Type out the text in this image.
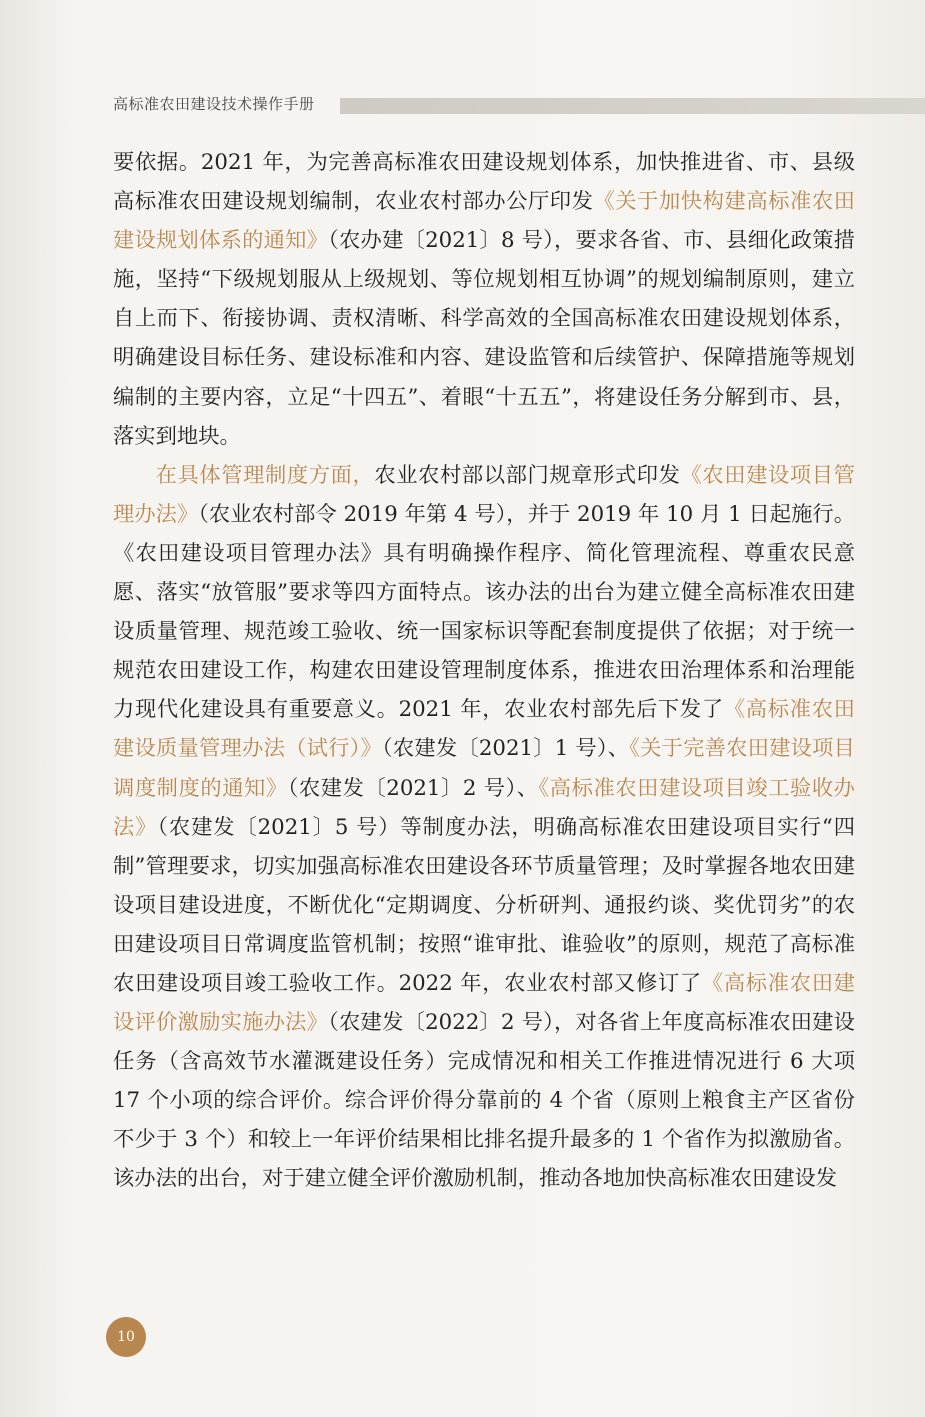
高标准农田建设技术操作手册

要依据。2021 年，为完善高标准农田建设规划体系，加快推进省、市、县级高标准农田建设规划编制，农业农村部办公厅印发《关于加快构建高标准农田建设规划体系的通知》（农办建〔2021〕8 号），要求各省、市、县细化政策措施，坚持“下级规划服从上级规划、等位规划相互协调”的规划编制原则，建立自上而下、衔接协调、责权清晰、科学高效的全国高标准农田建设规划体系，明确建设目标任务、建设标准和内容、建设监管和后续管护、保障措施等规划编制的主要内容，立足“十四五”、着眼“十五五”，将建设任务分解到市、县，落实到地块。

在具体管理制度方面，农业农村部以部门规章形式印发《农田建设项目管理办法》（农业农村部令 2019 年第 4 号），并于 2019 年 10 月 1 日起施行。《农田建设项目管理办法》具有明确操作程序、简化管理流程、尊重农民意愿、落实“放管服”要求等四方面特点。该办法的出台为建立健全高标准农田建设质量管理、规范竣工验收、统一国家标识等配套制度提供了依据；对于统一规范农田建设工作，构建农田建设管理制度体系，推进农田治理体系和治理能力现代化建设具有重要意义。2021 年，农业农村部先后下发了《高标准农田建设质量管理办法（试行）》（农建发〔2021〕1 号）、《关于完善农田建设项目调度制度的通知》（农建发〔2021〕2 号）、《高标准农田建设项目竣工验收办法》（农建发〔2021〕5 号）等制度办法，明确高标准农田建设项目实行“四制”管理要求，切实加强高标准农田建设各环节质量管理；及时掌握各地农田建设项目建设进度，不断优化“定期调度、分析研判、通报约谈、奖优罚劣”的农田建设项目日常调度监管机制；按照“谁审批、谁验收”的原则，规范了高标准农田建设项目竣工验收工作。2022 年，农业农村部又修订了《高标准农田建设评价激励实施办法》（农建发〔2022〕2 号），对各省上年度高标准农田建设任务（含高效节水灌溉建设任务）完成情况和相关工作推进情况进行 6 大项 17 个小项的综合评价。综合评价得分靠前的 4 个省（原则上粮食主产区省份不少于 3 个）和较上一年评价结果相比排名提升最多的 1 个省作为拟激励省。该办法的出台，对于建立健全评价激励机制，推动各地加快高标准农田建设发

10
